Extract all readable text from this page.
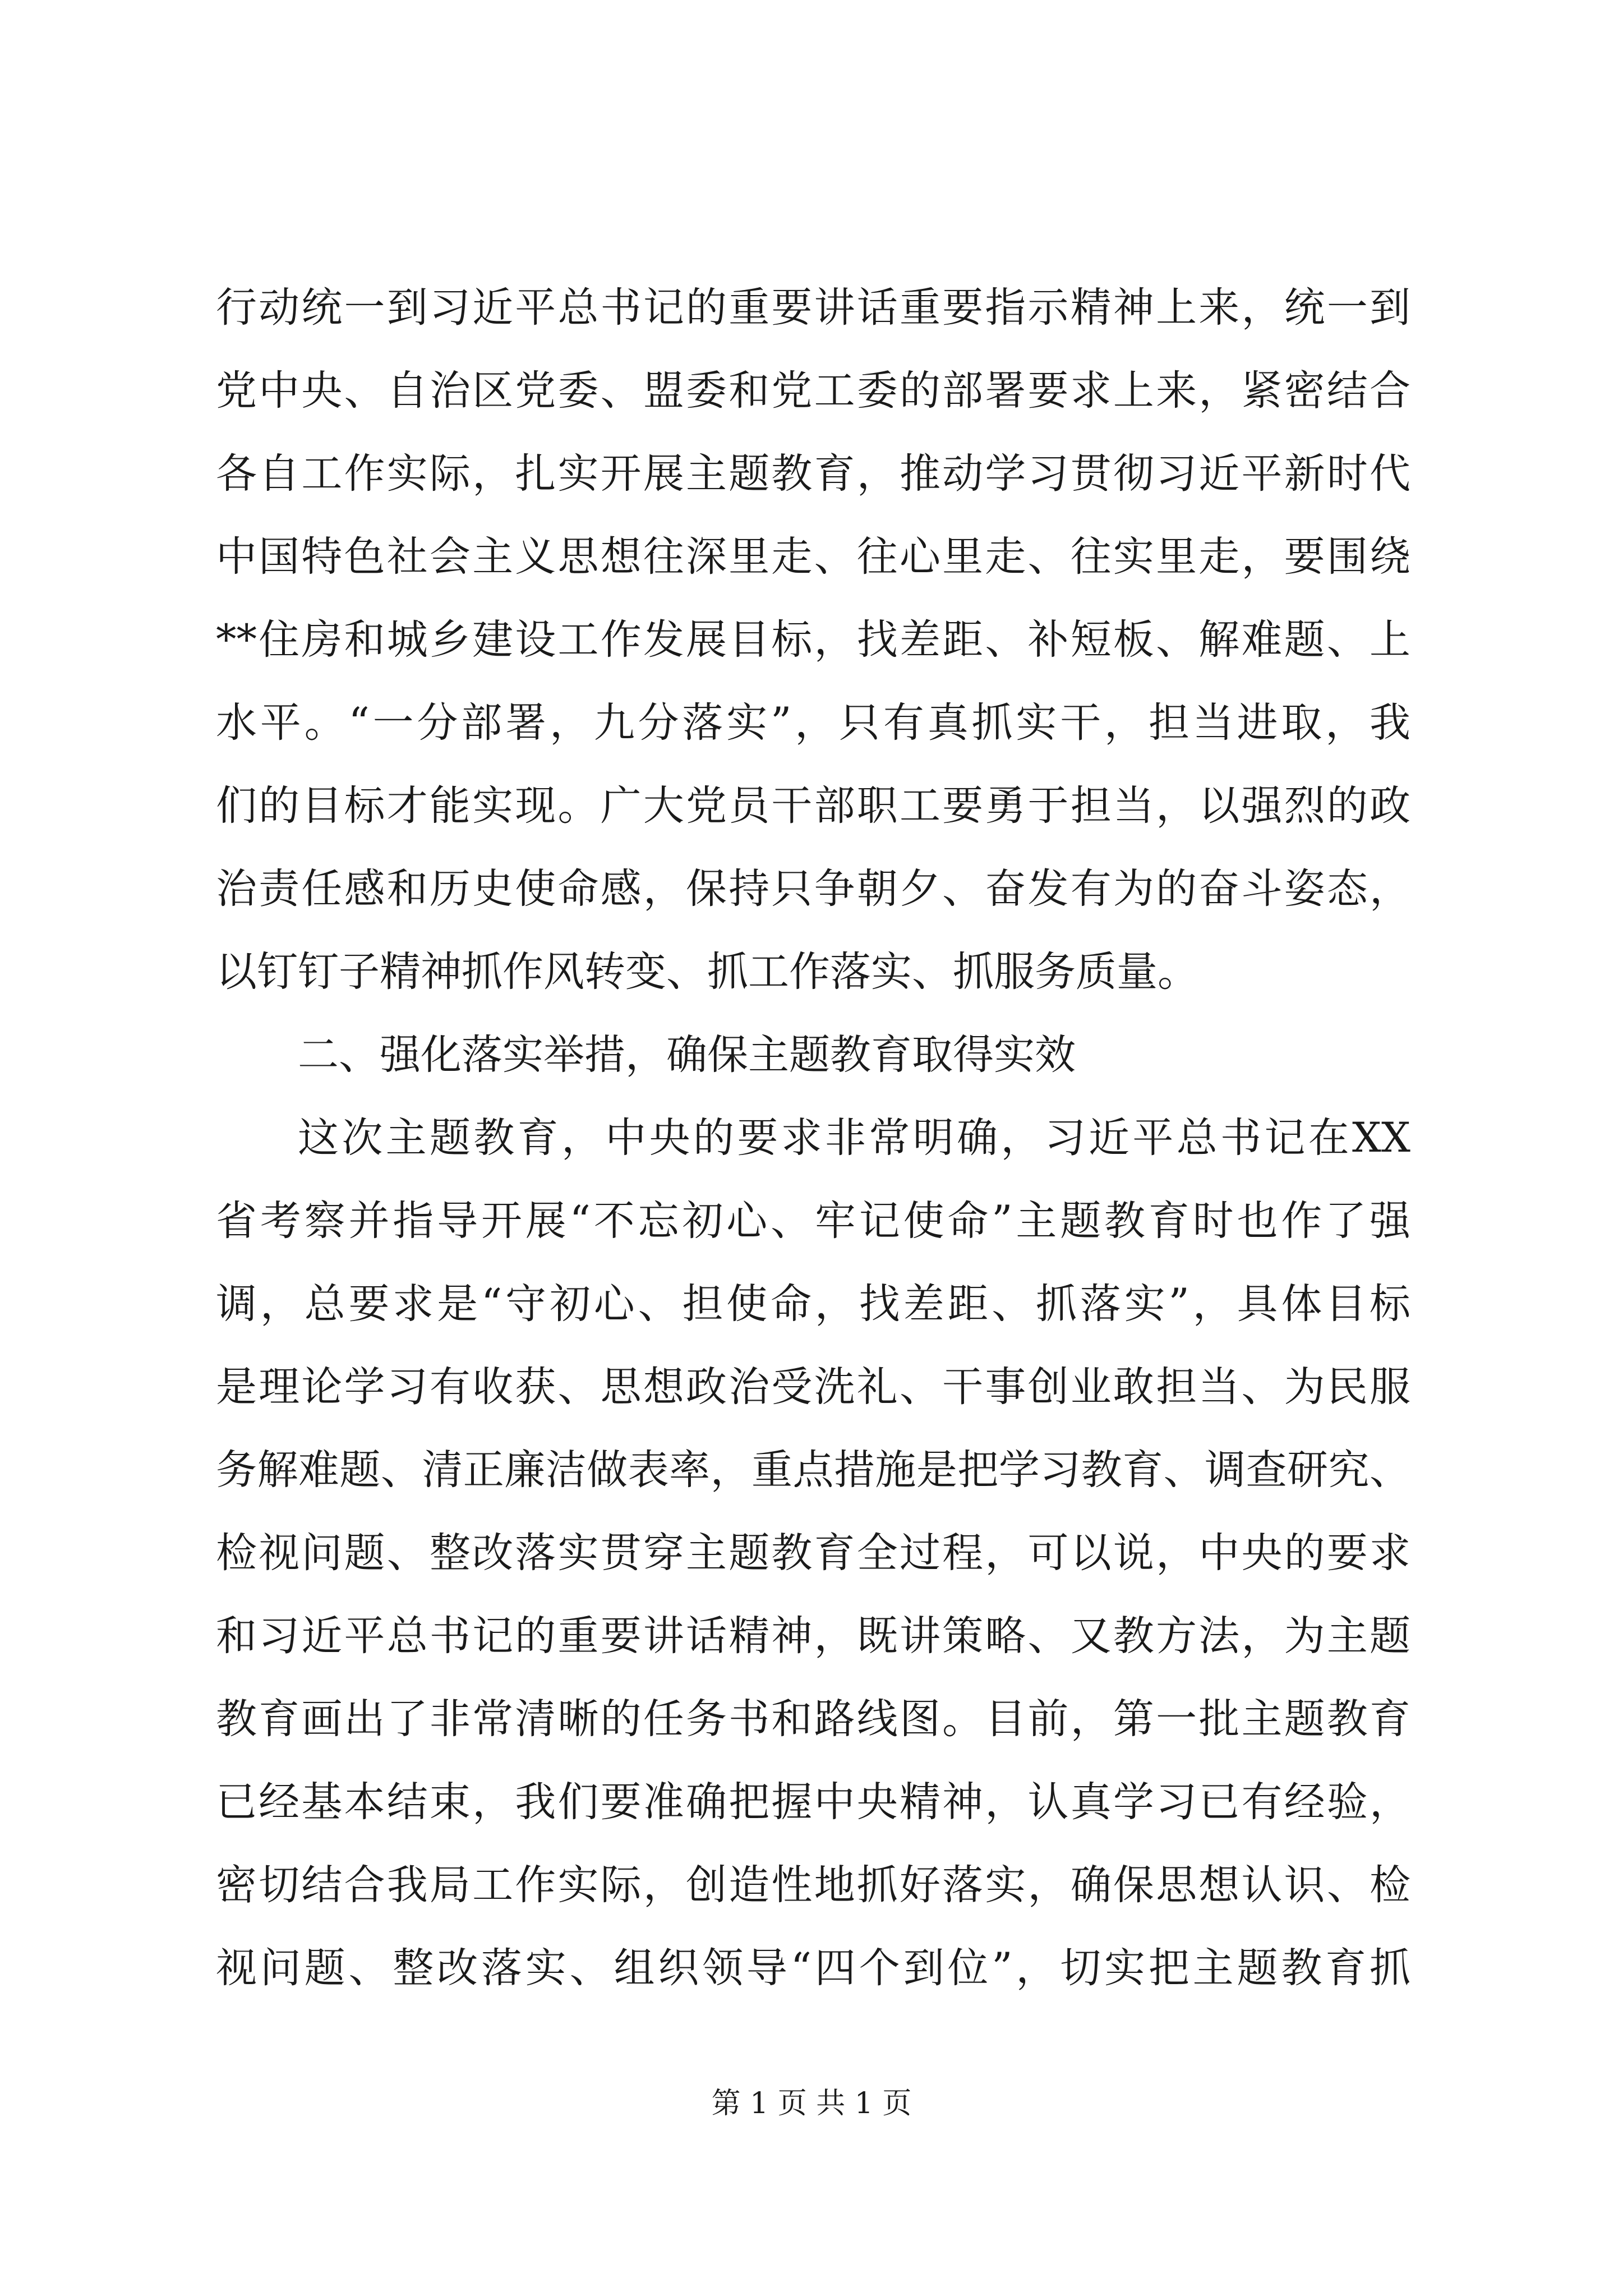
行动统一到习近平总书记的重要讲话重要指示精神上来，统一到
党中央、自治区党委、盟委和党工委的部署要求上来，紧密结合
各自工作实际，扎实开展主题教育，推动学习贯彻习近平新时代
中国特色社会主义思想往深里走、往心里走、往实里走，要围绕
**住房和城乡建设工作发展目标，找差距、补短板、解难题、上
水平。“一分部署，九分落实”，只有真抓实干，担当进取，我
们的目标才能实现。广大党员干部职工要勇于担当，以强烈的政
治责任感和历史使命感，保持只争朝夕、奋发有为的奋斗姿态，
以钉钉子精神抓作风转变、抓工作落实、抓服务质量。
二、强化落实举措，确保主题教育取得实效
这次主题教育，中央的要求非常明确，习近平总书记在XX
省考察并指导开展“不忘初心、牢记使命”主题教育时也作了强
调，总要求是“守初心、担使命，找差距、抓落实”，具体目标
是理论学习有收获、思想政治受洗礼、干事创业敢担当、为民服
务解难题、清正廉洁做表率，重点措施是把学习教育、调查研究、
检视问题、整改落实贯穿主题教育全过程，可以说，中央的要求
和习近平总书记的重要讲话精神，既讲策略、又教方法，为主题
教育画出了非常清晰的任务书和路线图。目前，第一批主题教育
已经基本结束，我们要准确把握中央精神，认真学习已有经验，
密切结合我局工作实际，创造性地抓好落实，确保思想认识、检
视问题、整改落实、组织领导“四个到位”，切实把主题教育抓
第 1 页 共 1 页
